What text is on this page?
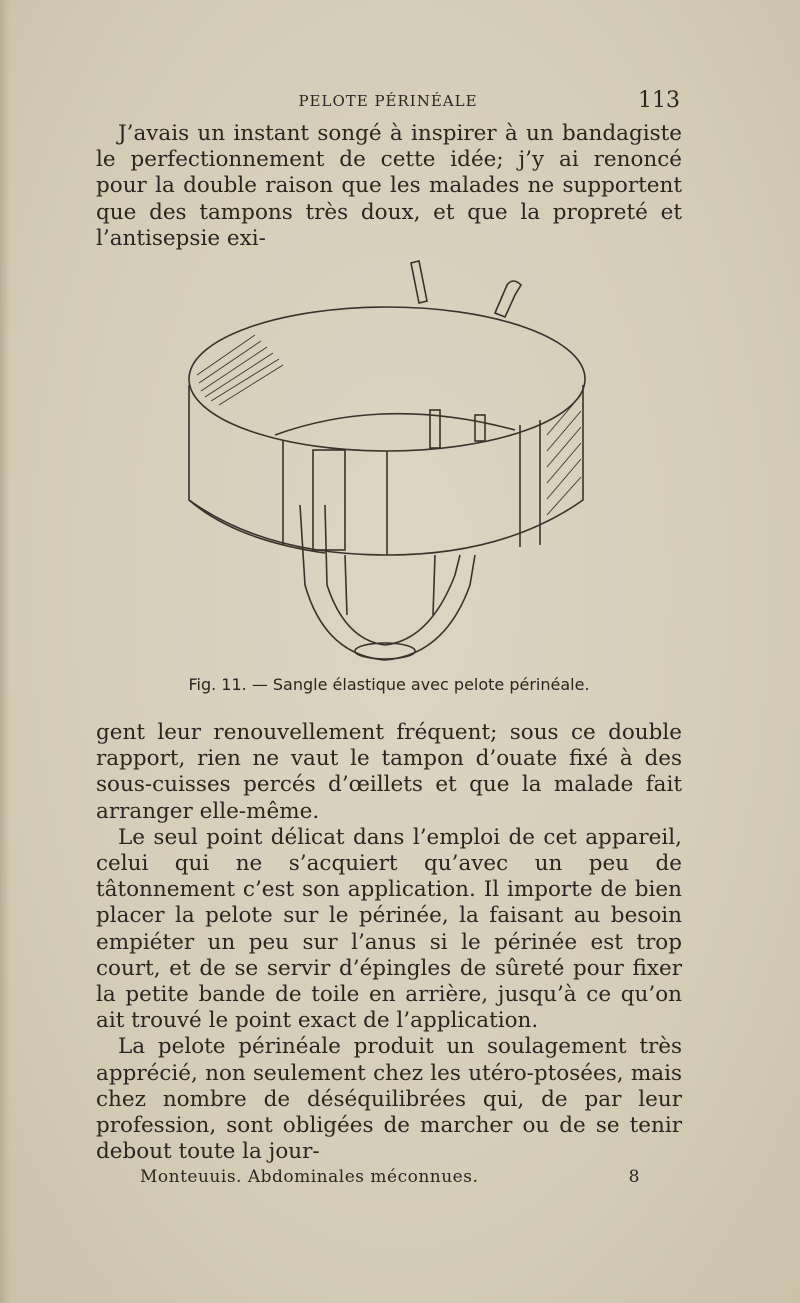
PELOTE PÉRINÉALE	113

J’avais un instant songé à inspirer à un bandagiste le perfectionnement de cette idée; j’y ai renoncé pour la double raison que les malades ne supportent que des tampons très doux, et que la propreté et l’antisepsie exi-

Fig. 11. — Sangle élastique avec pelote périnéale.

gent leur renouvellement fréquent; sous ce double rapport, rien ne vaut le tampon d’ouate fixé à des sous-cuisses percés d’œillets et que la malade fait arranger elle-même.

Le seul point délicat dans l’emploi de cet appareil, celui qui ne s’acquiert qu’avec un peu de tâtonnement c’est son application. Il importe de bien placer la pelote sur le périnée, la faisant au besoin empiéter un peu sur l’anus si le périnée est trop court, et de se servir d’épingles de sûreté pour fixer la petite bande de toile en arrière, jusqu’à ce qu’on ait trouvé le point exact de l’application.

La pelote périnéale produit un soulagement très apprécié, non seulement chez les utéro-ptosées, mais chez nombre de déséquilibrées qui, de par leur profession, sont obligées de marcher ou de se tenir debout toute la jour-

Monteuuis. Abdominales méconnues.	8
